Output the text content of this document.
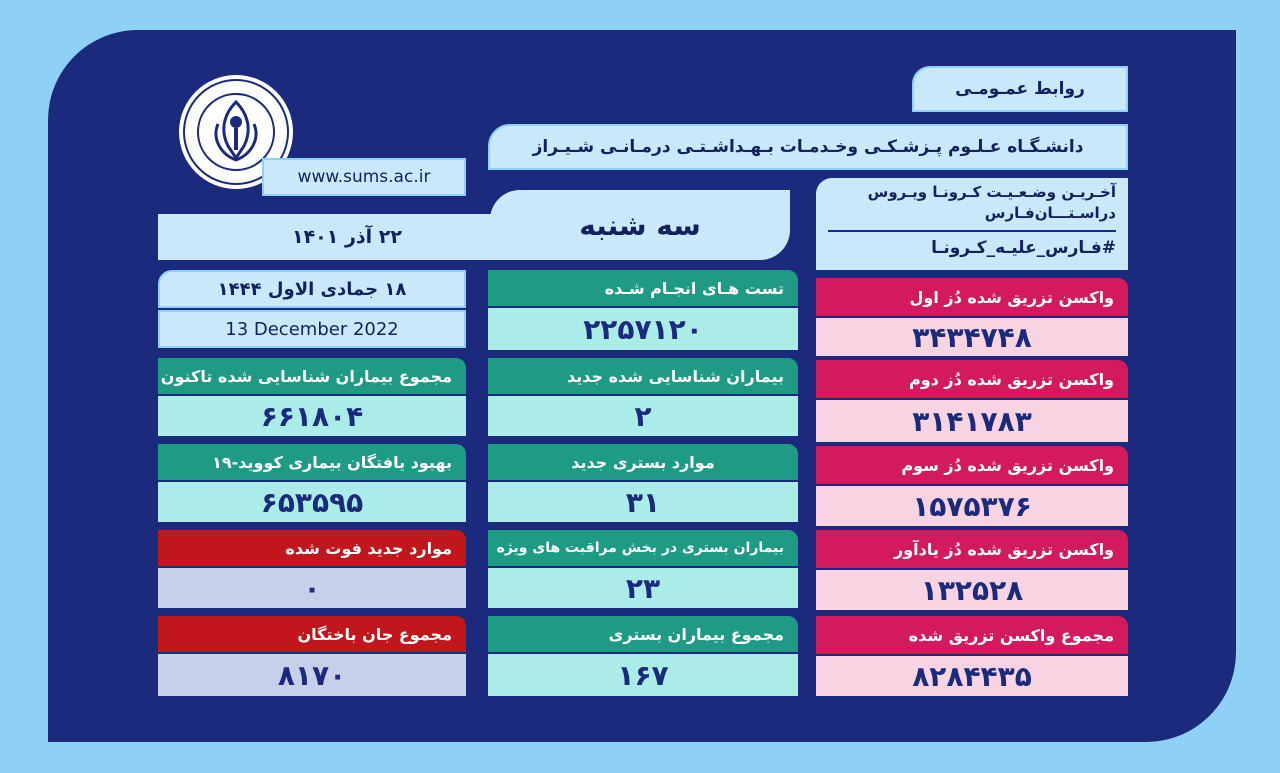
روابط عمـومـی
دانشـگـاه عـلـوم پـزشـکـی وخـدمـات بـهـداشـتـی درمـانـی شـیـراز
www.sums.ac.ir
آخـریـن وضـعـیـت کـرونـا ویـروس
دراسـتـــان‌فـارس
#فـارس_علیـه_کـرونـا
۲۲ آذر ۱۴۰۱	سه شنبه
۱۸ جمادی الاول ۱۴۴۴
13 December 2022
مجموع بیماران شناسایی شده تاکنون
۶۶۱۸۰۴
بهبود یافتگان بیماری کووید-۱۹
۶۵۳۵۹۵
موارد جدید فوت شده
۰
مجموع جان باختگان
۸۱۷۰
تست هـای انجـام شـده
۲۲۵۷۱۲۰
بیماران شناسایی شده جدید
۲
موارد بستری جدید
۳۱
بیماران بستری در بخش مراقبت های ویژه
۲۳
مجموع بیماران بستری
۱۶۷
واکسن تزریق شده دُز اول
۳۴۳۴۷۴۸
واکسن تزریق شده دُز دوم
۳۱۴۱۷۸۳
واکسن تزریق شده دُز سوم
۱۵۷۵۳۷۶
واکسن تزریق شده دُز یادآور
۱۳۲۵۲۸
مجموع واکسن تزریق شده
۸۲۸۴۴۳۵
